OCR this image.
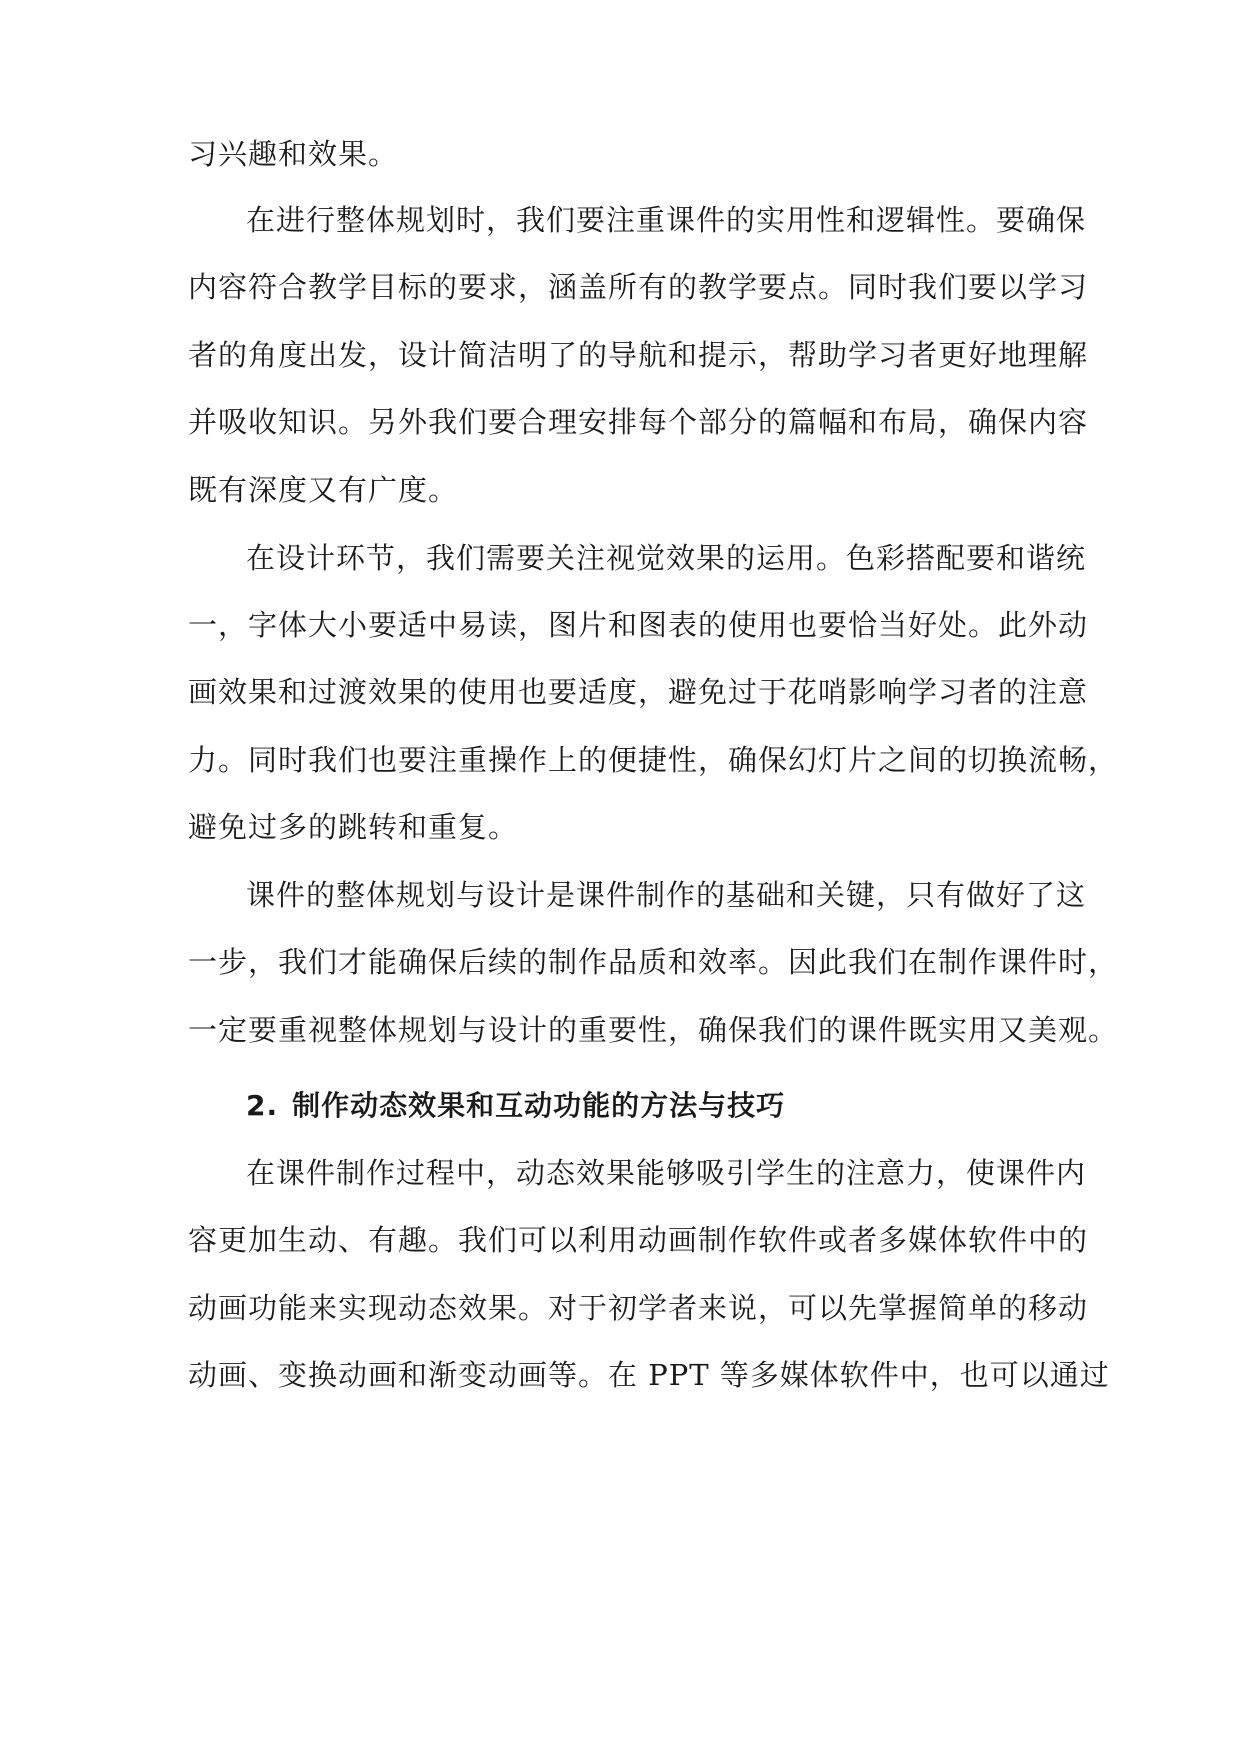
习兴趣和效果。
在进行整体规划时，我们要注重课件的实用性和逻辑性。要确保
内容符合教学目标的要求，涵盖所有的教学要点。同时我们要以学习
者的角度出发，设计简洁明了的导航和提示，帮助学习者更好地理解
并吸收知识。另外我们要合理安排每个部分的篇幅和布局，确保内容
既有深度又有广度。
在设计环节，我们需要关注视觉效果的运用。色彩搭配要和谐统
一，字体大小要适中易读，图片和图表的使用也要恰当好处。此外动
画效果和过渡效果的使用也要适度，避免过于花哨影响学习者的注意
力。同时我们也要注重操作上的便捷性，确保幻灯片之间的切换流畅，
避免过多的跳转和重复。
课件的整体规划与设计是课件制作的基础和关键，只有做好了这
一步，我们才能确保后续的制作品质和效率。因此我们在制作课件时，
一定要重视整体规划与设计的重要性，确保我们的课件既实用又美观。
2. 制作动态效果和互动功能的方法与技巧
在课件制作过程中，动态效果能够吸引学生的注意力，使课件内
容更加生动、有趣。我们可以利用动画制作软件或者多媒体软件中的
动画功能来实现动态效果。对于初学者来说，可以先掌握简单的移动
动画、变换动画和渐变动画等。在 PPT 等多媒体软件中，也可以通过
